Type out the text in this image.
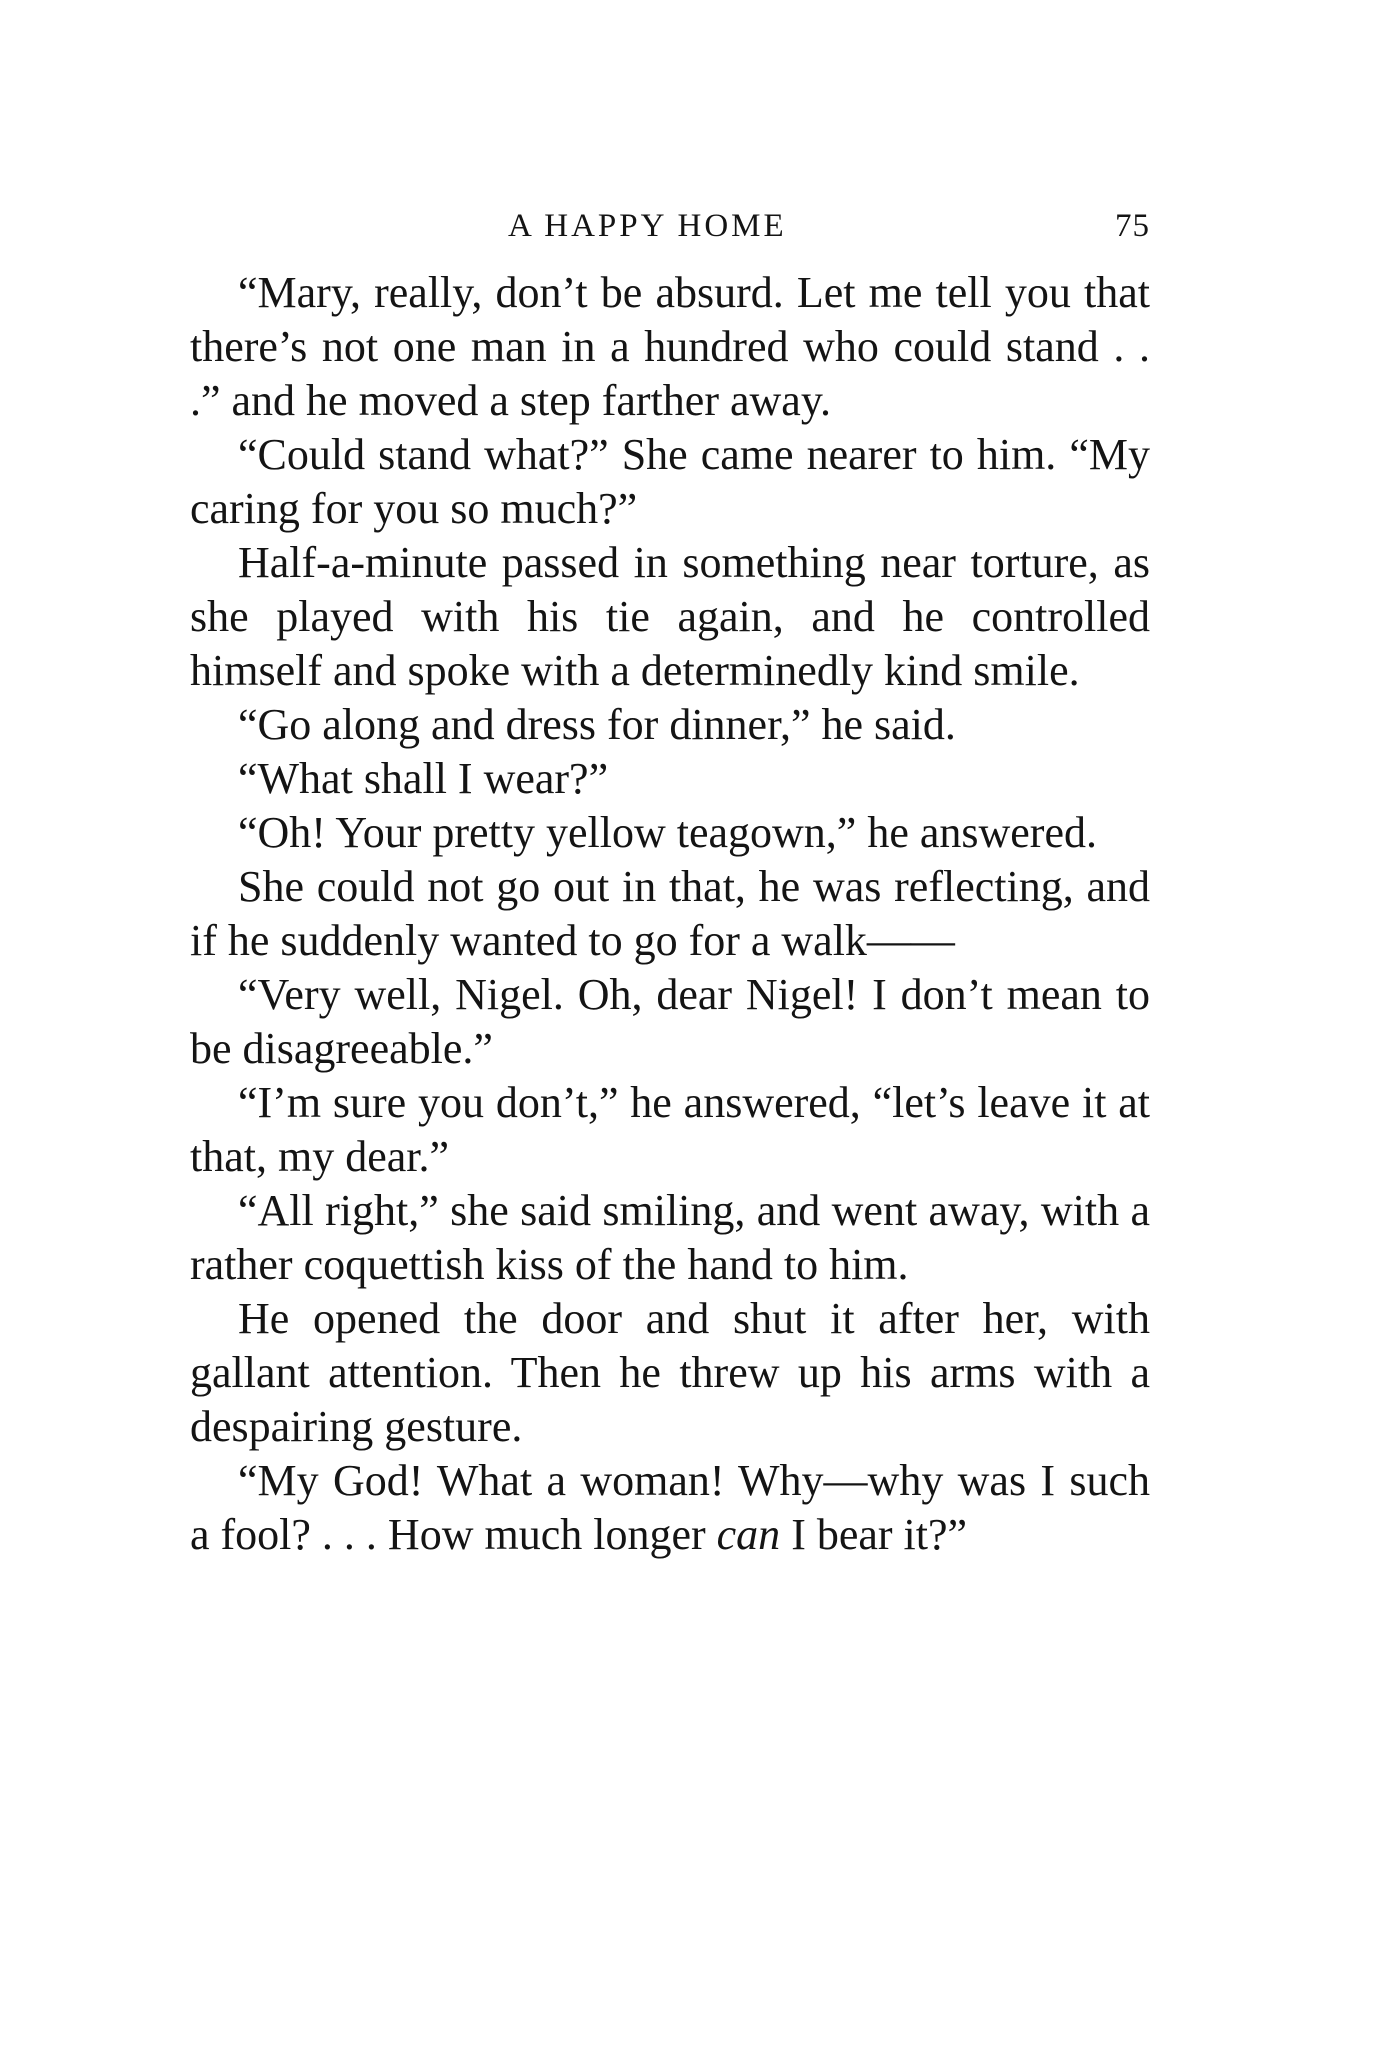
A HAPPY HOME	75

“Mary, really, don’t be absurd. Let me tell you that there’s not one man in a hundred who could stand . . .” and he moved a step farther away.

“Could stand what?” She came nearer to him. “My caring for you so much?”

Half-a-minute passed in something near torture, as she played with his tie again, and he controlled himself and spoke with a determinedly kind smile.

“Go along and dress for dinner,” he said.

“What shall I wear?”

“Oh! Your pretty yellow teagown,” he answered.

She could not go out in that, he was reflecting, and if he suddenly wanted to go for a walk——

“Very well, Nigel. Oh, dear Nigel! I don’t mean to be disagreeable.”

“I’m sure you don’t,” he answered, “let’s leave it at that, my dear.”

“All right,” she said smiling, and went away, with a rather coquettish kiss of the hand to him.

He opened the door and shut it after her, with gallant attention. Then he threw up his arms with a despairing gesture.

“My God! What a woman! Why—why was I such a fool? . . . How much longer can I bear it?”
